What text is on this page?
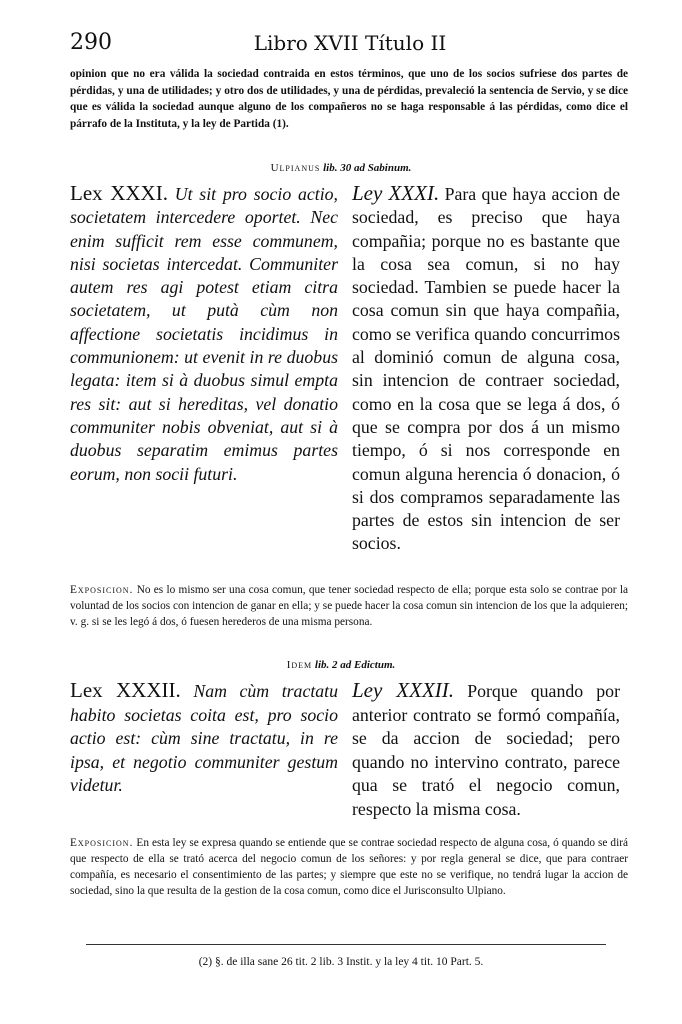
290	Libro XVII Título II
opinion que no era válida la sociedad contraida en estos términos, que uno de los socios sufriese dos partes de pérdidas, y una de utilidades; y otro dos de utilidades, y una de pérdidas, prevaleció la sentencia de Servio, y se dice que es válida la sociedad aunque alguno de los compañeros no se haga responsable á las pérdidas, como dice el párrafo de la Instituta, y la ley de Partida (1).
Ulpianus lib. 30 ad Sabinum.
Lex XXXI. Ut sit pro socio actio, societatem intercedere oportet. Nec enim sufficit rem esse communem, nisi societas intercedat. Communiter autem res agi potest etiam citra societatem, ut putà cùm non affectione societatis incidimus in communionem: ut evenit in re duobus legata: item si à duobus simul empta res sit: aut si hereditas, vel donatio communiter nobis obveniat, aut si à duobus separatim emimus partes eorum, non socii futuri.
Ley XXXI. Para que haya accion de sociedad, es preciso que haya compañia; porque no es bastante que la cosa sea comun, si no hay sociedad. Tambien se puede hacer la cosa comun sin que haya compañia, como se verifica quando concurrimos al dominió comun de alguna cosa, sin intencion de contraer sociedad, como en la cosa que se lega á dos, ó que se compra por dos á un mismo tiempo, ó si nos corresponde en comun alguna herencia ó donacion, ó si dos compramos separadamente las partes de estos sin intencion de ser socios.
Exposicion. No es lo mismo ser una cosa comun, que tener sociedad respecto de ella; porque esta solo se contrae por la voluntad de los socios con intencion de ganar en ella; y se puede hacer la cosa comun sin intencion de los que la adquieren; v. g. si se les legó á dos, ó fuesen herederos de una misma persona.
Idem lib. 2 ad Edictum.
Lex XXXII. Nam cùm tractatu habito societas coita est, pro socio actio est: cùm sine tractatu, in re ipsa, et negotio communiter gestum videtur.
Ley XXXII. Porque quando por anterior contrato se formó compañía, se da accion de sociedad; pero quando no intervino contrato, parece qua se trató el negocio comun, respecto la misma cosa.
Exposicion. En esta ley se expresa quando se entiende que se contrae sociedad respecto de alguna cosa, ó quando se dirá que respecto de ella se trató acerca del negocio comun de los señores: y por regla general se dice, que para contraer compañía, es necesario el consentimiento de las partes; y siempre que este no se verifique, no tendrá lugar la accion de sociedad, sino la que resulta de la gestion de la cosa comun, como dice el Jurisconsulto Ulpiano.
(2) §. de illa sane 26 tit. 2 lib. 3 Instit. y la ley 4 tit. 10 Part. 5.
